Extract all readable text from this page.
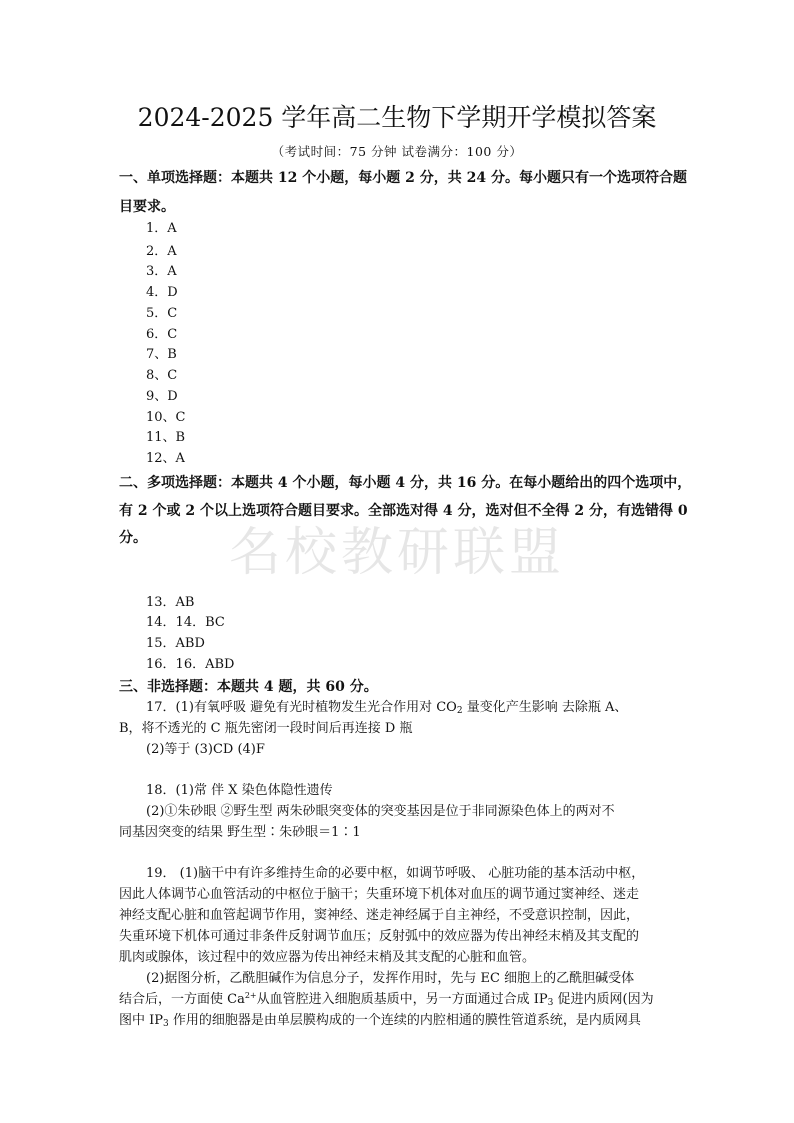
名校教研联盟
2024-2025 学年高二生物下学期开学模拟答案
（考试时间：75 分钟 试卷满分：100 分）
一、单项选择题：本题共 12 个小题，每小题 2 分，共 24 分。每小题只有一个选项符合题
目要求。
1．A
2．A
3．A
4．D
5．C
6．C
7、B
8、C
9、D
10、C
11、B
12、A
二、多项选择题：本题共 4 个小题，每小题 4 分，共 16 分。在每小题给出的四个选项中，
有 2 个或 2 个以上选项符合题目要求。全部选对得 4 分，选对但不全得 2 分，有选错得 0
分。
13．AB
14．14．BC
15．ABD
16．16．ABD
三、非选择题：本题共 4 题，共 60 分。
17．(1)有氧呼吸 避免有光时植物发生光合作用对 $CO_2$ 量变化产生影响 去除瓶 A、
B，将不透光的 C 瓶先密闭一段时间后再连接 D 瓶
(2)等于 (3)CD (4)F
18．(1)常 伴 X 染色体隐性遗传
(2)①朱砂眼 ②野生型 两朱砂眼突变体的突变基因是位于非同源染色体上的两对不
同基因突变的结果 野生型∶朱砂眼＝1∶1
19． (1)脑干中有许多维持生命的必要中枢，如调节呼吸、 心脏功能的基本活动中枢，
因此人体调节心血管活动的中枢位于脑干；失重环境下机体对血压的调节通过窦神经、迷走
神经支配心脏和血管起调节作用，窦神经、迷走神经属于自主神经，不受意识控制，因此，
失重环境下机体可通过非条件反射调节血压；反射弧中的效应器为传出神经末梢及其支配的
肌肉或腺体，该过程中的效应器为传出神经末梢及其支配的心脏和血管。
(2)据图分析，乙酰胆碱作为信息分子，发挥作用时，先与 EC 细胞上的乙酰胆碱受体
结合后，一方面使 $Ca^{2+}$从血管腔进入细胞质基质中，另一方面通过合成 $IP_3$ 促进内质网(因为
图中 $IP_3$ 作用的细胞器是由单层膜构成的一个连续的内腔相通的膜性管道系统，是内质网具
